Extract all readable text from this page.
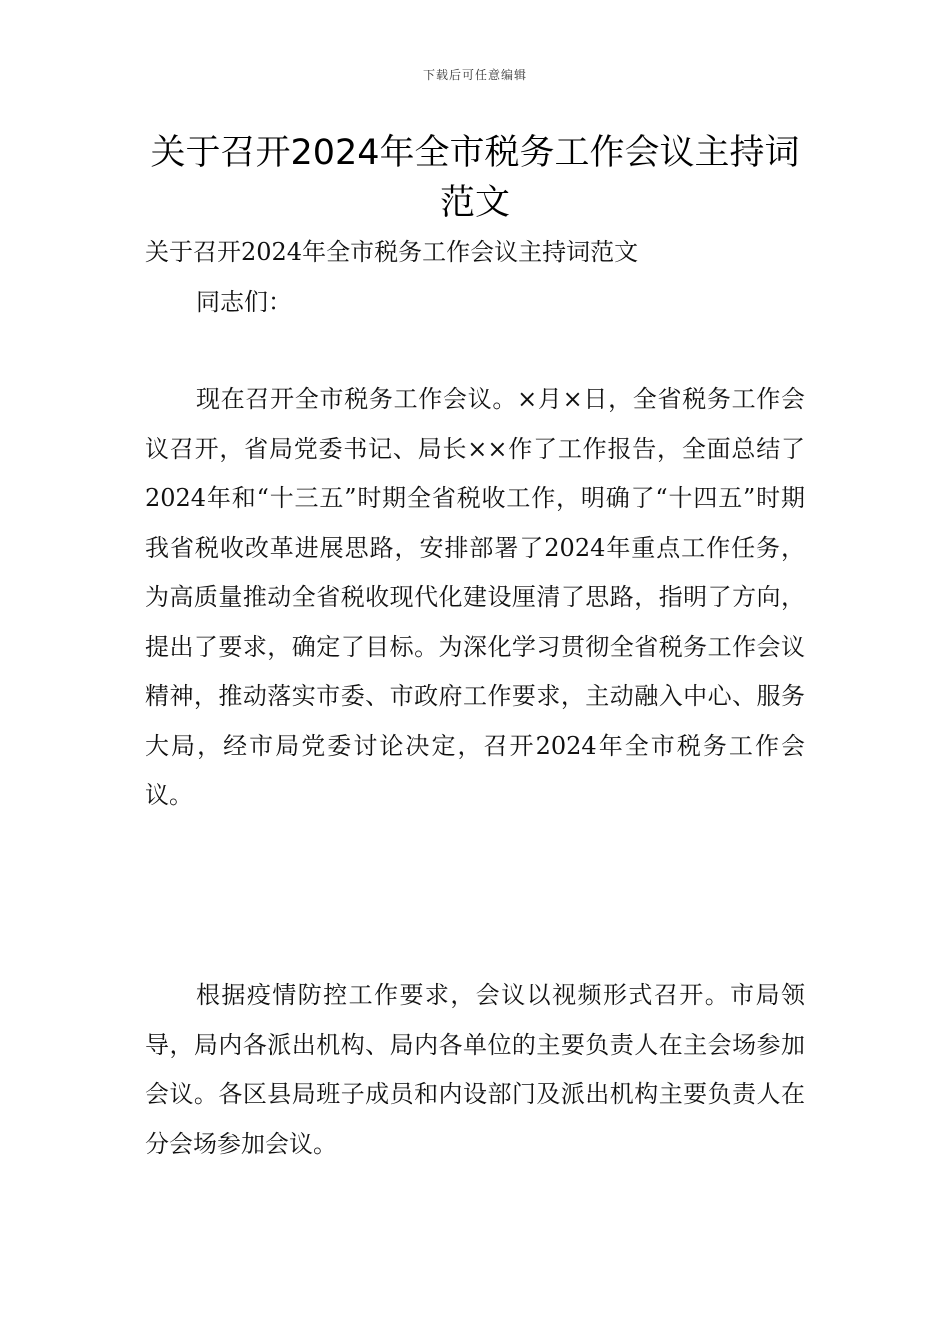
下载后可任意编辑
关于召开2024年全市税务工作会议主持词范文

关于召开2024年全市税务工作会议主持词范文

同志们：

现在召开全市税务工作会议。×月×日，全省税务工作会议召开，省局党委书记、局长××作了工作报告，全面总结了2024年和“十三五”时期全省税收工作，明确了“十四五”时期我省税收改革进展思路，安排部署了2024年重点工作任务，为高质量推动全省税收现代化建设厘清了思路，指明了方向，提出了要求，确定了目标。为深化学习贯彻全省税务工作会议精神，推动落实市委、市政府工作要求，主动融入中心、服务大局，经市局党委讨论决定，召开2024年全市税务工作会议。

根据疫情防控工作要求，会议以视频形式召开。市局领导，局内各派出机构、局内各单位的主要负责人在主会场参加会议。各区县局班子成员和内设部门及派出机构主要负责人在分会场参加会议。
